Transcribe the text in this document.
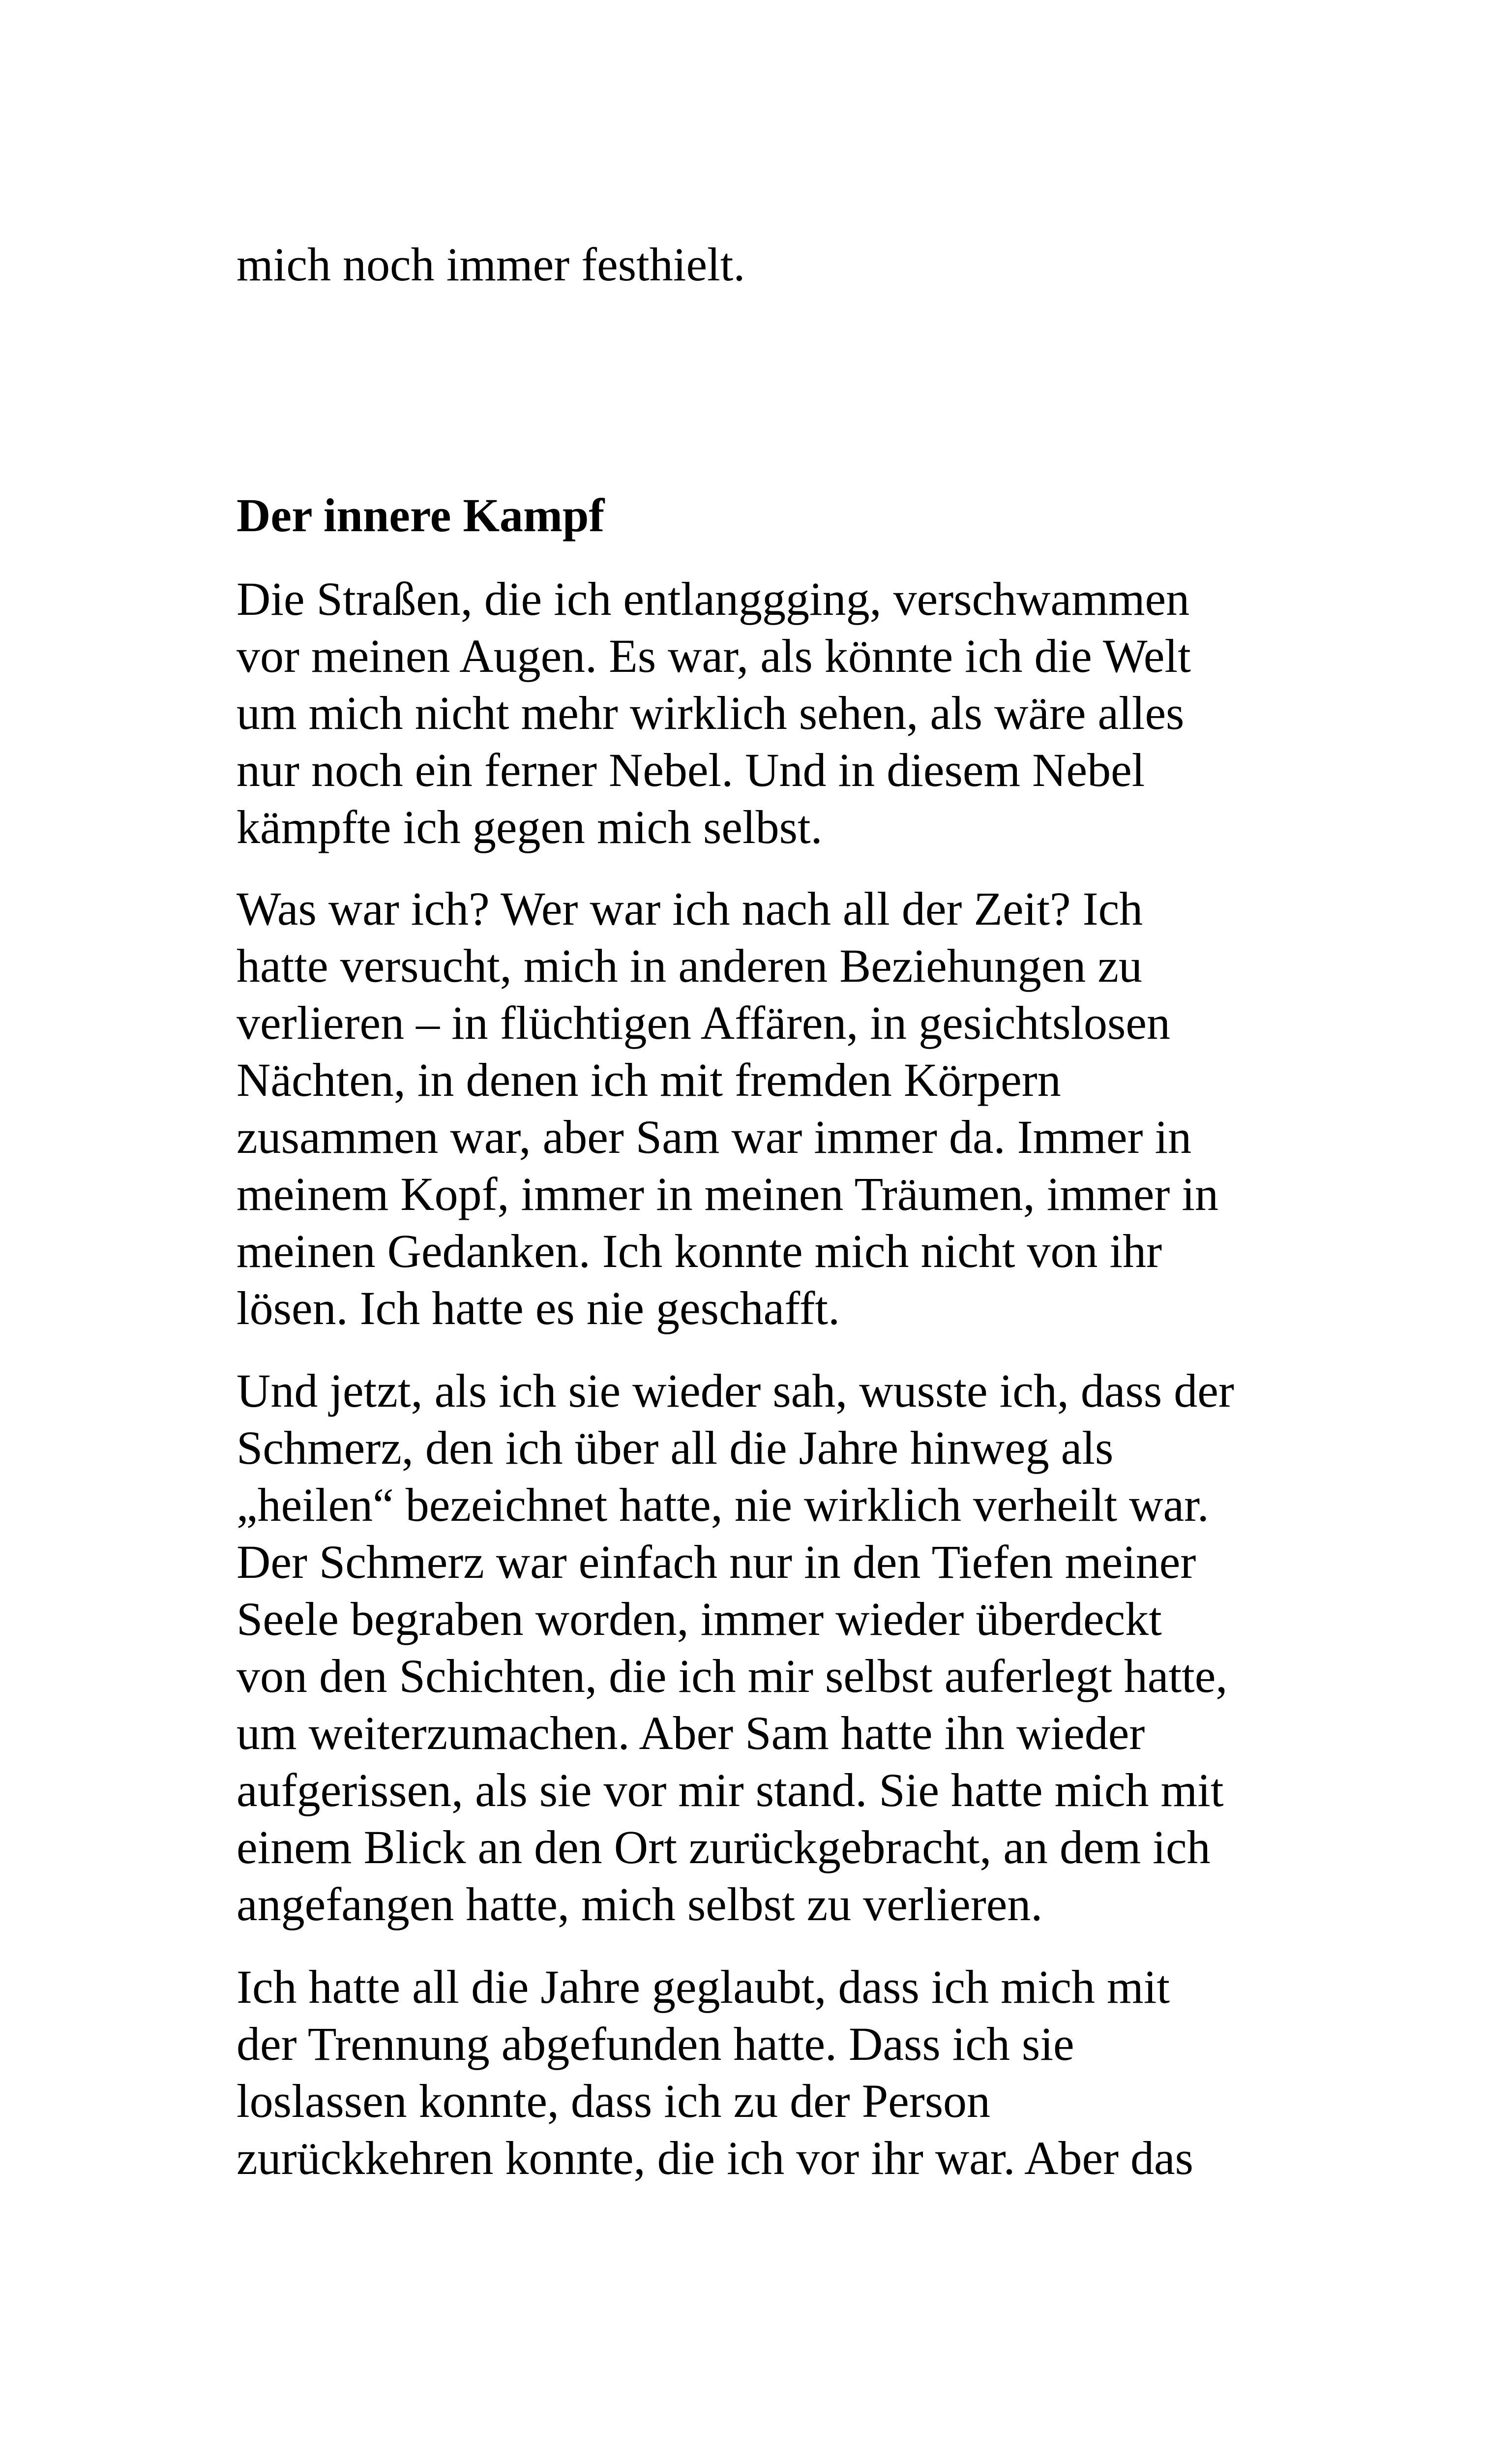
mich noch immer festhielt.
Der innere Kampf
Die Straßen, die ich entlanggging, verschwammen
vor meinen Augen. Es war, als könnte ich die Welt
um mich nicht mehr wirklich sehen, als wäre alles
nur noch ein ferner Nebel. Und in diesem Nebel
kämpfte ich gegen mich selbst.
Was war ich? Wer war ich nach all der Zeit? Ich
hatte versucht, mich in anderen Beziehungen zu
verlieren – in flüchtigen Affären, in gesichtslosen
Nächten, in denen ich mit fremden Körpern
zusammen war, aber Sam war immer da. Immer in
meinem Kopf, immer in meinen Träumen, immer in
meinen Gedanken. Ich konnte mich nicht von ihr
lösen. Ich hatte es nie geschafft.
Und jetzt, als ich sie wieder sah, wusste ich, dass der
Schmerz, den ich über all die Jahre hinweg als
„heilen“ bezeichnet hatte, nie wirklich verheilt war.
Der Schmerz war einfach nur in den Tiefen meiner
Seele begraben worden, immer wieder überdeckt
von den Schichten, die ich mir selbst auferlegt hatte,
um weiterzumachen. Aber Sam hatte ihn wieder
aufgerissen, als sie vor mir stand. Sie hatte mich mit
einem Blick an den Ort zurückgebracht, an dem ich
angefangen hatte, mich selbst zu verlieren.
Ich hatte all die Jahre geglaubt, dass ich mich mit
der Trennung abgefunden hatte. Dass ich sie
loslassen konnte, dass ich zu der Person
zurückkehren konnte, die ich vor ihr war. Aber das
